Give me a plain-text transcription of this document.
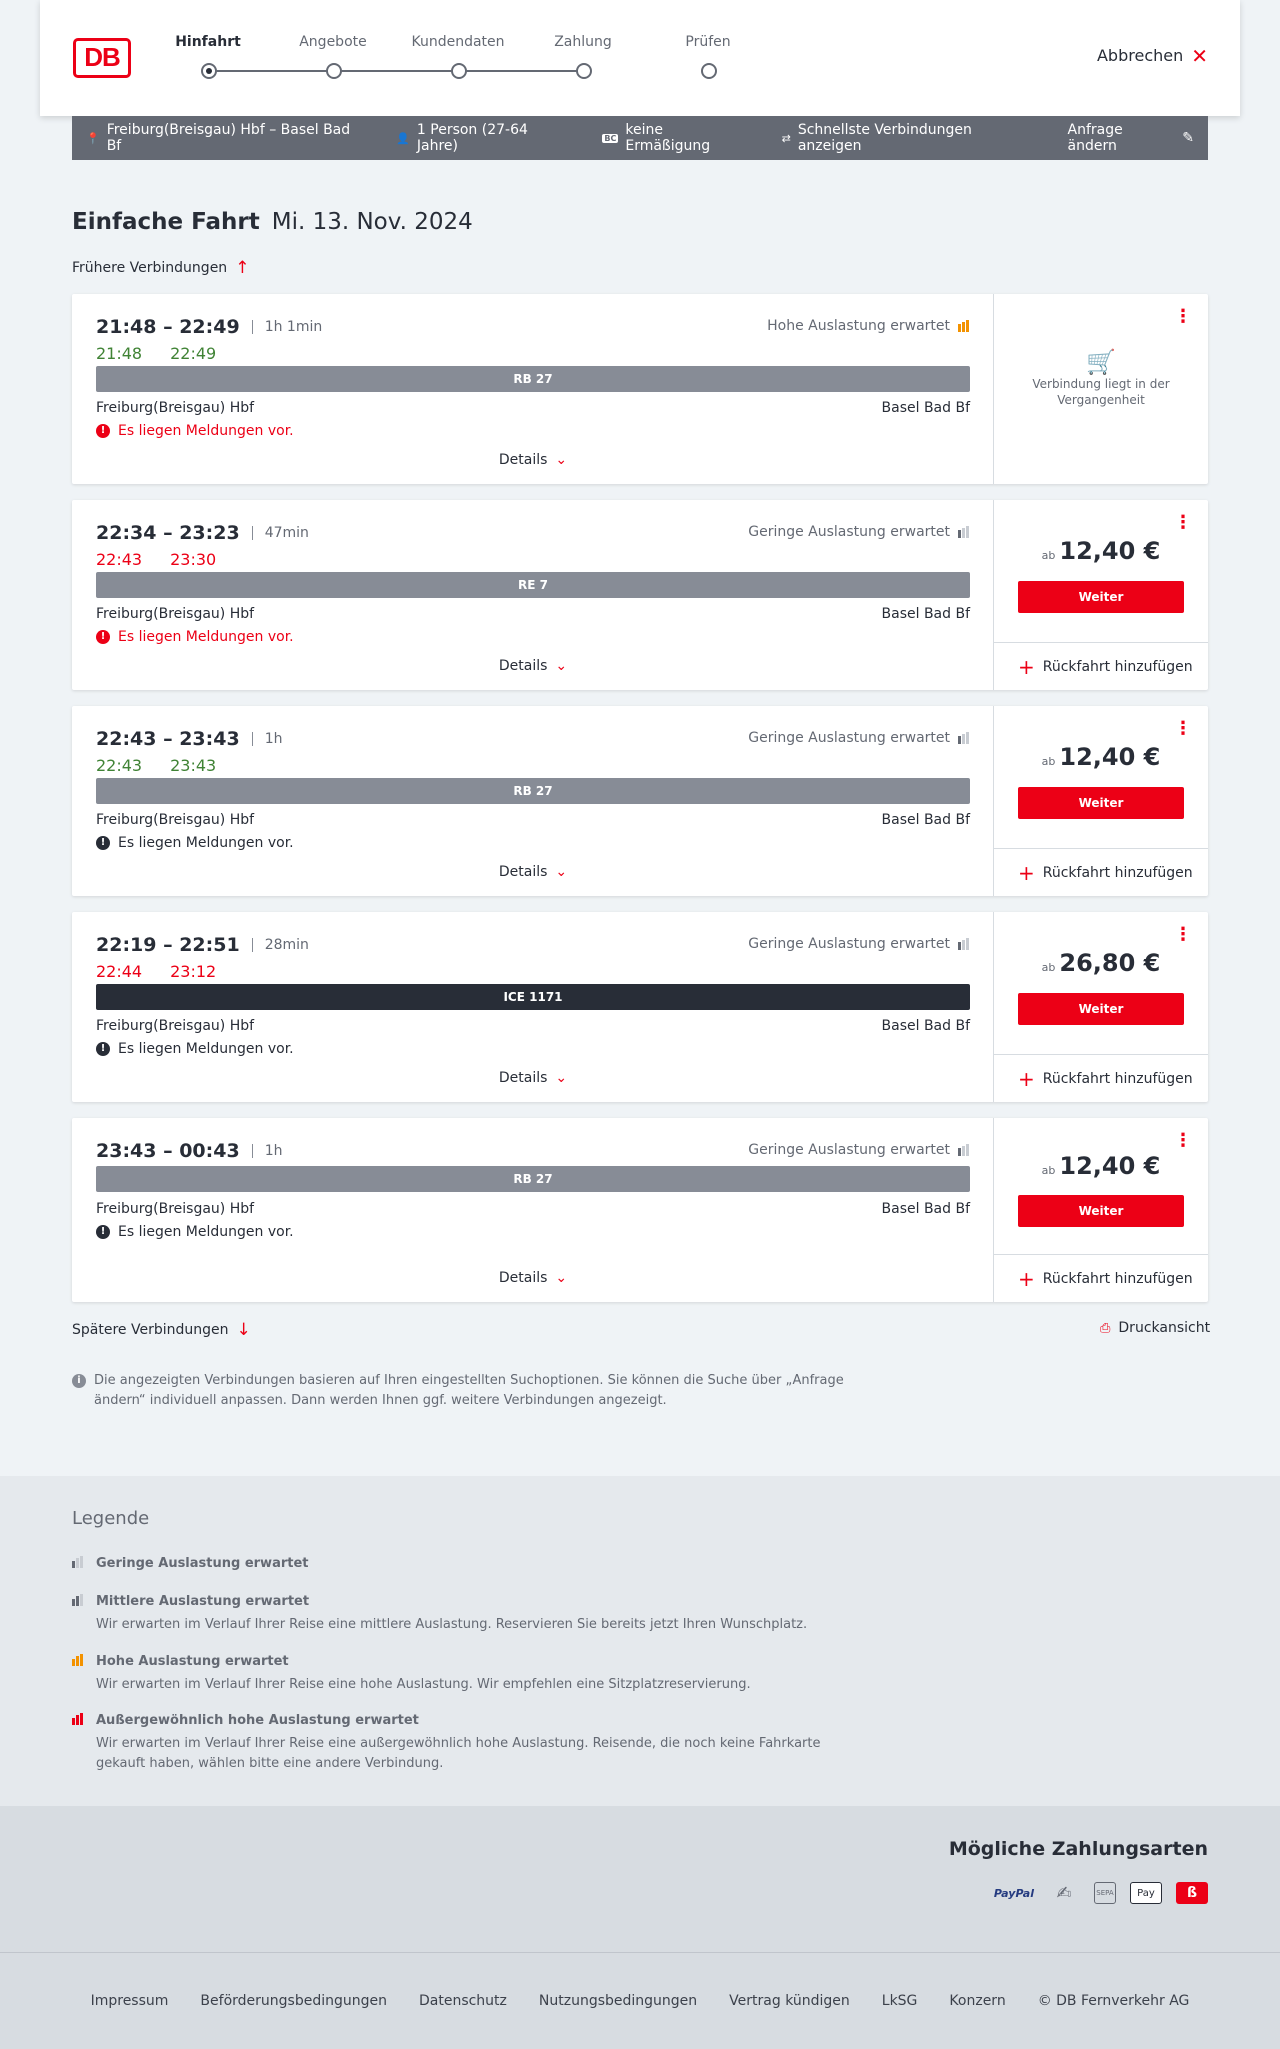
DB	Hinfahrt	Angebote	Kundendaten	Zahlung	Prüfen
Abbrechen ✕
📍 Freiburg(Breisgau) Hbf – Basel Bad Bf	👤 1 Person (27-64 Jahre)	BC keine Ermäßigung	⇄ Schnellste Verbindungen anzeigen
Anfrage ändern	✎
Einfache Fahrt Mi. 13. Nov. 2024
Frühere Verbindungen ↑
21:48 – 22:49	1h 1min
21:48 22:49
Hohe Auslastung erwartet
RB 27
Freiburg(Breisgau) Hbf	Basel Bad Bf
! Es liegen Meldungen vor.
Details ⌄
⋮
🛒
Verbindung liegt in der Vergangenheit
22:34 – 23:23	47min
22:43 23:30
Geringe Auslastung erwartet
RE 7
Freiburg(Breisgau) Hbf	Basel Bad Bf
! Es liegen Meldungen vor.
Details ⌄
⋮
ab 12,40 €
Weiter
+ Rückfahrt hinzufügen
22:43 – 23:43	1h
22:43 23:43
Geringe Auslastung erwartet
RB 27
Freiburg(Breisgau) Hbf	Basel Bad Bf
! Es liegen Meldungen vor.
Details ⌄
⋮
ab 12,40 €
Weiter
+ Rückfahrt hinzufügen
22:19 – 22:51	28min
22:44 23:12
Geringe Auslastung erwartet
ICE 1171
Freiburg(Breisgau) Hbf	Basel Bad Bf
! Es liegen Meldungen vor.
Details ⌄
⋮
ab 26,80 €
Weiter
+ Rückfahrt hinzufügen
23:43 – 00:43	1h	Geringe Auslastung erwartet
RB 27
Freiburg(Breisgau) Hbf	Basel Bad Bf
! Es liegen Meldungen vor.
Details ⌄
⋮
ab 12,40 €
Weiter
+ Rückfahrt hinzufügen
Spätere Verbindungen ↓	⎙ Druckansicht
i	Die angezeigten Verbindungen basieren auf Ihren eingestellten Suchoptionen. Sie können die Suche über „Anfrage ändern“ individuell anpassen. Dann werden Ihnen ggf. weitere Verbindungen angezeigt.
Legende
Geringe Auslastung erwartet
Mittlere Auslastung erwartet

Wir erwarten im Verlauf Ihrer Reise eine mittlere Auslastung. Reservieren Sie bereits jetzt Ihren Wunschplatz.

Hohe Auslastung erwartet

Wir erwarten im Verlauf Ihrer Reise eine hohe Auslastung. Wir empfehlen eine Sitzplatzreservierung.

Außergewöhnlich hohe Auslastung erwartet

Wir erwarten im Verlauf Ihrer Reise eine außergewöhnlich hohe Auslastung. Reisende, die noch keine Fahrkarte gekauft haben, wählen bitte eine andere Verbindung.

Mögliche Zahlungsarten
PayPal	✍	SEPA	Pay	ß
Impressum Beförderungsbedingungen Datenschutz Nutzungsbedingungen Vertrag kündigen LkSG Konzern © DB Fernverkehr AG
